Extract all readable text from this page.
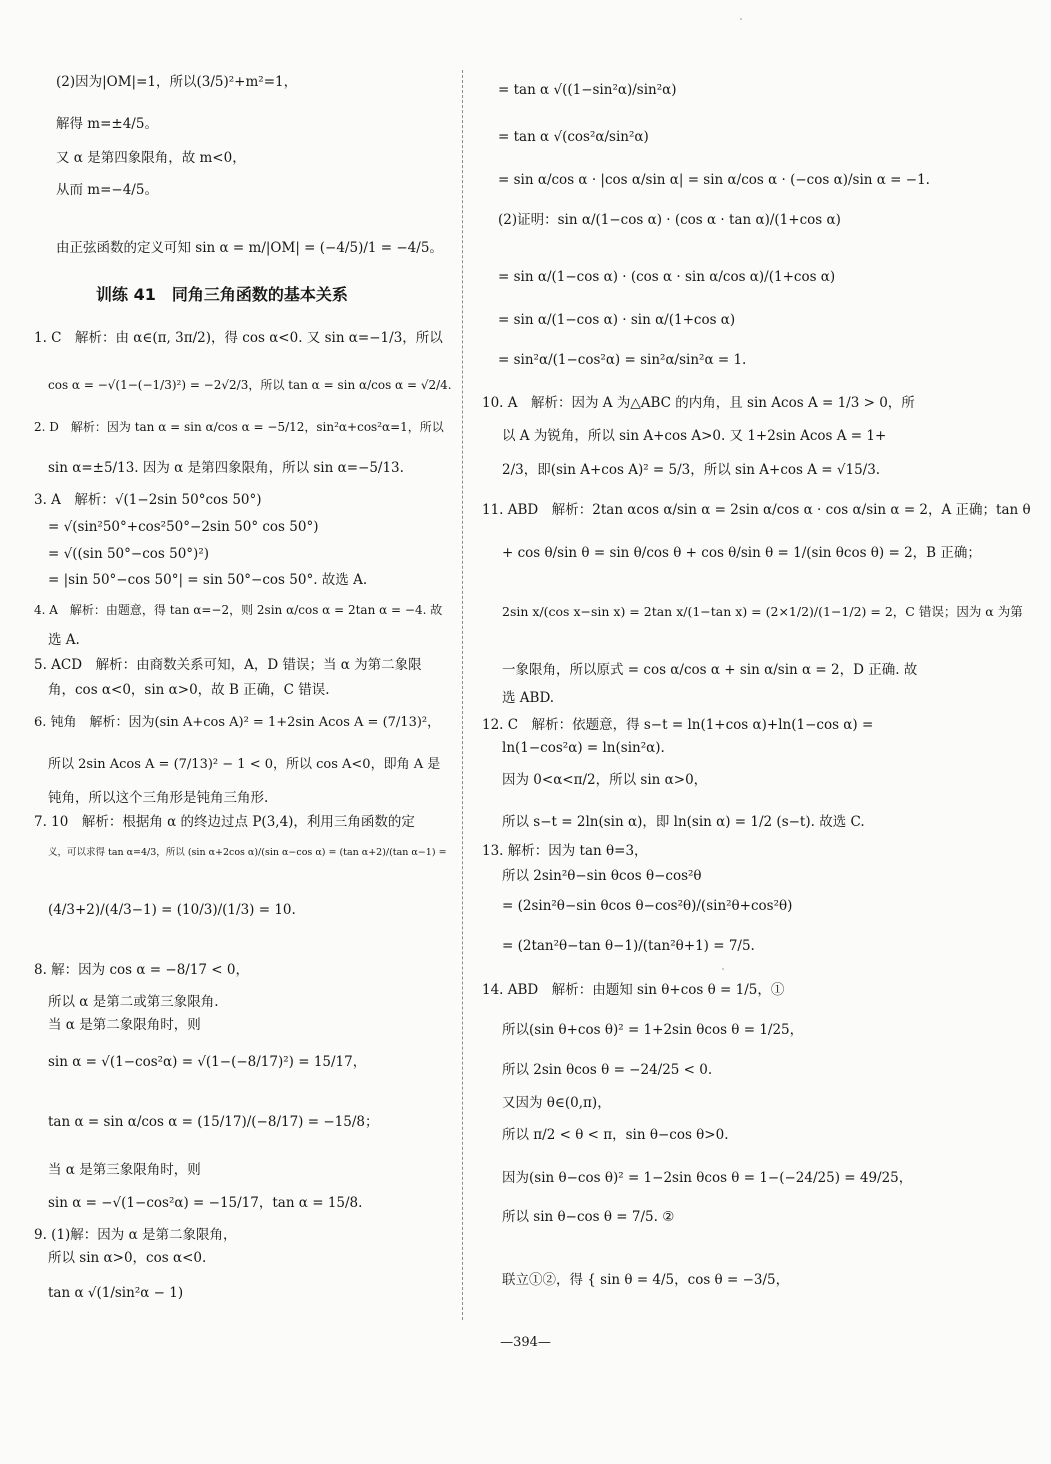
(2)因为|OM|=1，所以(3/5)²+m²=1，
解得 m=±4/5。
又 α 是第四象限角，故 m<0，
从而 m=−4/5。
由正弦函数的定义可知 sin α = m/|OM| = (−4/5)/1 = −4/5。
1. C　解析：由 α∈(π, 3π/2)，得 cos α<0. 又 sin α=−1/3，所以
cos α = −√(1−(−1/3)²) = −2√2/3，所以 tan α = sin α/cos α = √2/4.
2. D　解析：因为 tan α = sin α/cos α = −5/12，sin²α+cos²α=1，所以
sin α=±5/13. 因为 α 是第四象限角，所以 sin α=−5/13.
3. A　解析：√(1−2sin 50°cos 50°)
= √(sin²50°+cos²50°−2sin 50° cos 50°)
= √((sin 50°−cos 50°)²)
= |sin 50°−cos 50°| = sin 50°−cos 50°. 故选 A.
4. A　解析：由题意，得 tan α=−2，则 2sin α/cos α = 2tan α = −4. 故
选 A.
5. ACD　解析：由商数关系可知，A，D 错误；当 α 为第二象限
角，cos α<0，sin α>0，故 B 正确，C 错误.
6. 钝角　解析：因为(sin A+cos A)² = 1+2sin Acos A = (7/13)²，
所以 2sin Acos A = (7/13)² − 1 < 0，所以 cos A<0，即角 A 是
钝角，所以这个三角形是钝角三角形.
7. 10　解析：根据角 α 的终边过点 P(3,4)，利用三角函数的定
义，可以求得 tan α=4/3，所以 (sin α+2cos α)/(sin α−cos α) = (tan α+2)/(tan α−1) =
(4/3+2)/(4/3−1) = (10/3)/(1/3) = 10.
8. 解：因为 cos α = −8/17 < 0，
所以 α 是第二或第三象限角.
当 α 是第二象限角时，则
sin α = √(1−cos²α) = √(1−(−8/17)²) = 15/17，
tan α = sin α/cos α = (15/17)/(−8/17) = −15/8；
当 α 是第三象限角时，则
sin α = −√(1−cos²α) = −15/17，tan α = 15/8.
9. (1)解：因为 α 是第二象限角，
所以 sin α>0，cos α<0.
tan α √(1/sin²α − 1)
训练 41　同角三角函数的基本关系
= tan α √((1−sin²α)/sin²α)
= tan α √(cos²α/sin²α)
= sin α/cos α · |cos α/sin α| = sin α/cos α · (−cos α)/sin α = −1.
(2)证明：sin α/(1−cos α) · (cos α · tan α)/(1+cos α)
= sin α/(1−cos α) · (cos α · sin α/cos α)/(1+cos α)
= sin α/(1−cos α) · sin α/(1+cos α)
= sin²α/(1−cos²α) = sin²α/sin²α = 1.
10. A　解析：因为 A 为△ABC 的内角，且 sin Acos A = 1/3 > 0，所
以 A 为锐角，所以 sin A+cos A>0. 又 1+2sin Acos A = 1+
2/3，即(sin A+cos A)² = 5/3，所以 sin A+cos A = √15/3.
11. ABD　解析：2tan αcos α/sin α = 2sin α/cos α · cos α/sin α = 2，A 正确；tan θ
+ cos θ/sin θ = sin θ/cos θ + cos θ/sin θ = 1/(sin θcos θ) = 2，B 正确；
2sin x/(cos x−sin x) = 2tan x/(1−tan x) = (2×1/2)/(1−1/2) = 2，C 错误；因为 α 为第
一象限角，所以原式 = cos α/cos α + sin α/sin α = 2，D 正确. 故
选 ABD.
12. C　解析：依题意，得 s−t = ln(1+cos α)+ln(1−cos α) =
ln(1−cos²α) = ln(sin²α).
因为 0<α<π/2，所以 sin α>0，
所以 s−t = 2ln(sin α)，即 ln(sin α) = 1/2 (s−t). 故选 C.
13. 解析：因为 tan θ=3，
所以 2sin²θ−sin θcos θ−cos²θ
= (2sin²θ−sin θcos θ−cos²θ)/(sin²θ+cos²θ)
= (2tan²θ−tan θ−1)/(tan²θ+1) = 7/5.
14. ABD　解析：由题知 sin θ+cos θ = 1/5，①
所以(sin θ+cos θ)² = 1+2sin θcos θ = 1/25，
所以 2sin θcos θ = −24/25 < 0.
又因为 θ∈(0,π)，
所以 π/2 < θ < π，sin θ−cos θ>0.
因为(sin θ−cos θ)² = 1−2sin θcos θ = 1−(−24/25) = 49/25，
所以 sin θ−cos θ = 7/5. ②
联立①②，得 { sin θ = 4/5，cos θ = −3/5，
—394—
